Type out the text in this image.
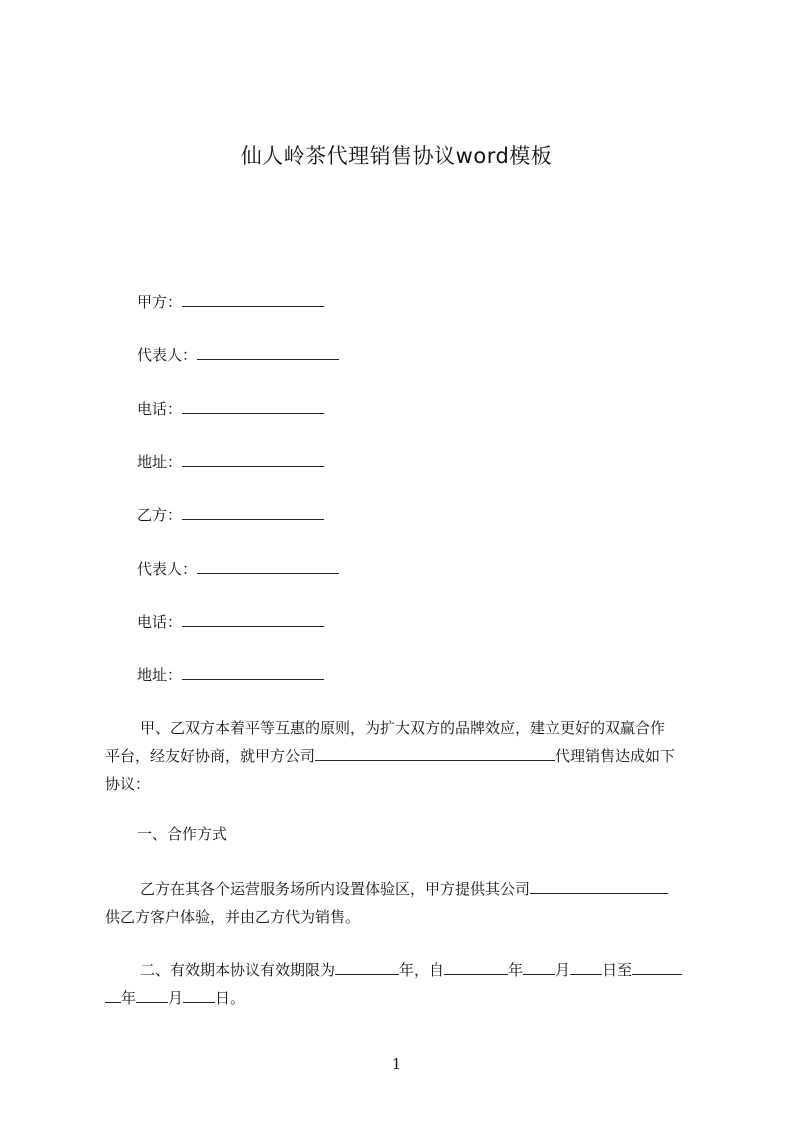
仙人岭茶代理销售协议word模板
甲方：
代表人：
电话：
地址：
乙方：
代表人：
电话：
地址：
甲、乙双方本着平等互惠的原则，为扩大双方的品牌效应，建立更好的双赢合作
平台，经友好协商，就甲方公司	代理销售达成如下
协议：
一、合作方式
乙方在其各个运营服务场所内设置体验区，甲方提供其公司
供乙方客户体验，并由乙方代为销售。
二、有效期本协议有效期限为	年，自	年 月 日至
年 月 日。
1
